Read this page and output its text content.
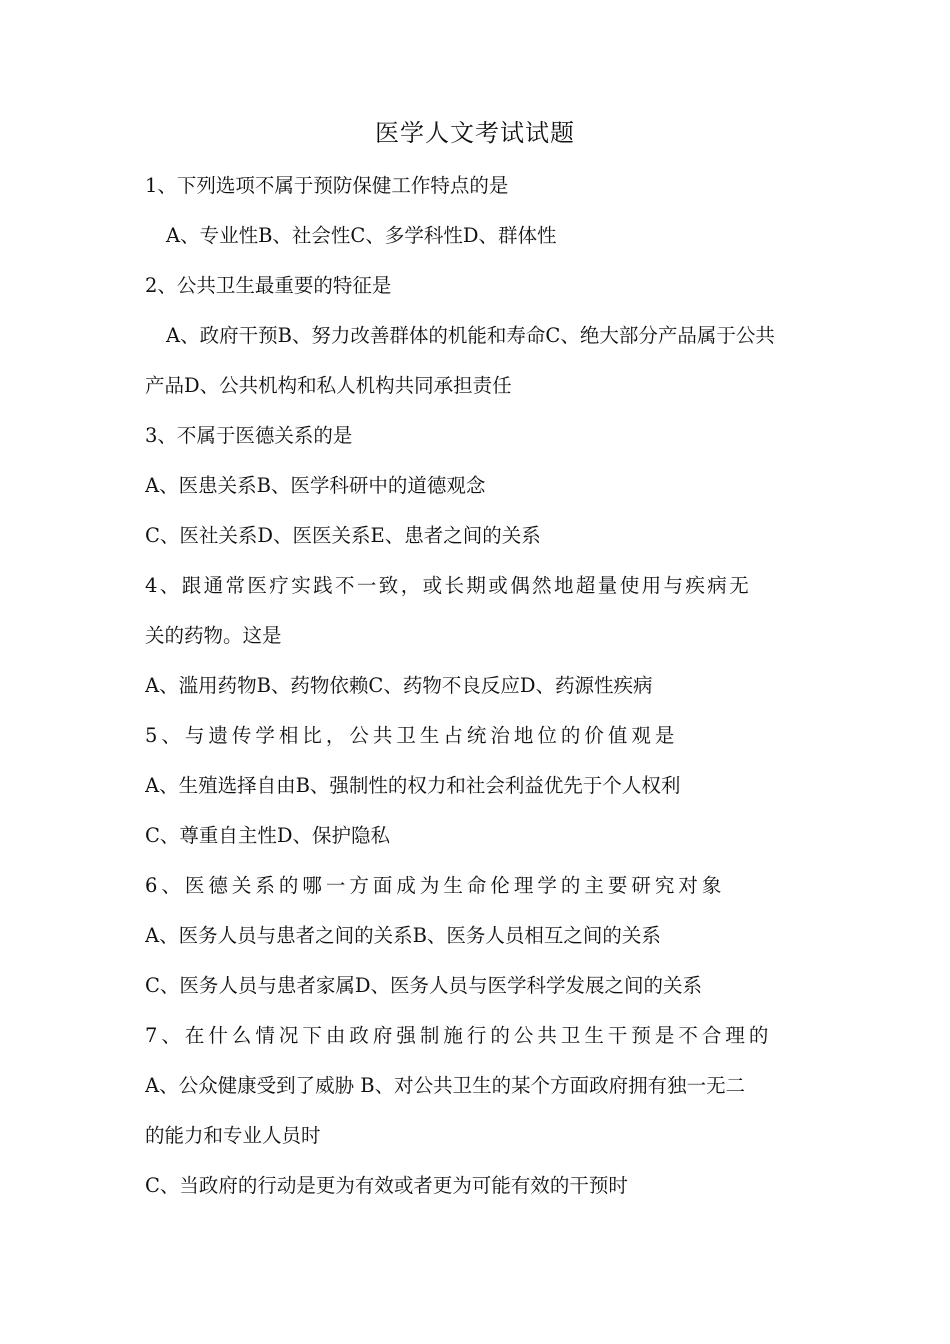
医学人文考试试题
1、下列选项不属于预防保健工作特点的是
A、专业性B、社会性C、多学科性D、群体性
2、公共卫生最重要的特征是
A、政府干预B、努力改善群体的机能和寿命C、绝大部分产品属于公共
产品D、公共机构和私人机构共同承担责任
3、不属于医德关系的是
A、医患关系B、医学科研中的道德观念
C、医社关系D、医医关系E、患者之间的关系
4、跟通常医疗实践不一致，或长期或偶然地超量使用与疾病无
关的药物。这是
A、滥用药物B、药物依赖C、药物不良反应D、药源性疾病
5、与遗传学相比，公共卫生占统治地位的价值观是
A、生殖选择自由B、强制性的权力和社会利益优先于个人权利
C、尊重自主性D、保护隐私
6、医德关系的哪一方面成为生命伦理学的主要研究对象
A、医务人员与患者之间的关系B、医务人员相互之间的关系
C、医务人员与患者家属D、医务人员与医学科学发展之间的关系
7、在什么情况下由政府强制施行的公共卫生干预是不合理的
A、公众健康受到了威胁 B、对公共卫生的某个方面政府拥有独一无二
的能力和专业人员时
C、当政府的行动是更为有效或者更为可能有效的干预时
